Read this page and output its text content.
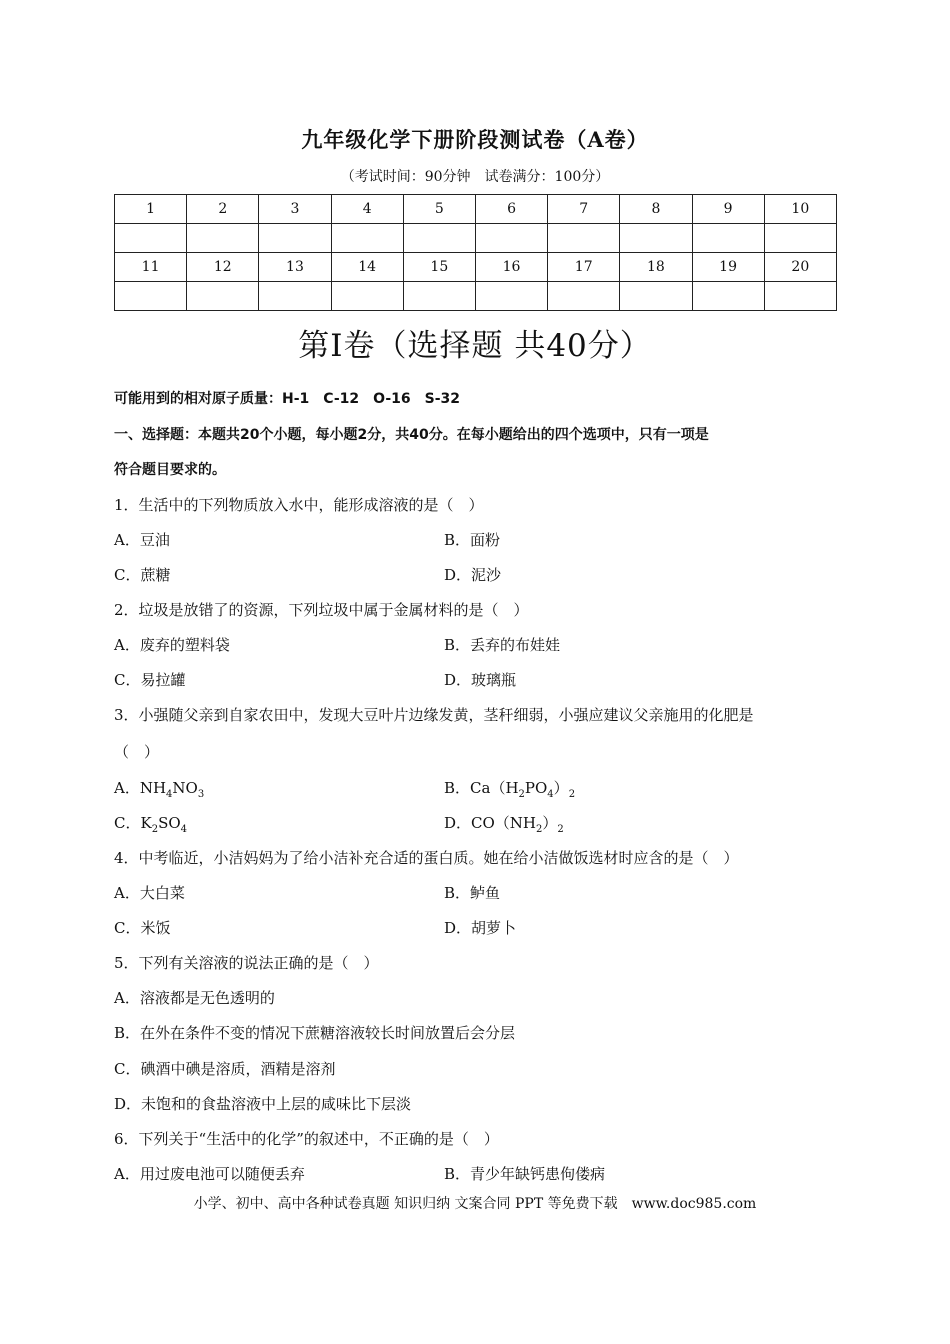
九年级化学下册阶段测试卷（A卷）
（考试时间：90分钟　试卷满分：100分）
1	2	3	4	5	6	7	8	9	10

11	12	13	14	15	16	17	18	19	20

第Ⅰ卷（选择题 共40分）
可能用到的相对原子质量：H-1　C-12　O-16　S-32
一、选择题：本题共20个小题，每小题2分，共40分。在每小题给出的四个选项中，只有一项是
符合题目要求的。
1．生活中的下列物质放入水中，能形成溶液的是（　）
A．豆油	B．面粉
C．蔗糖	D．泥沙
2．垃圾是放错了的资源，下列垃圾中属于金属材料的是（　）
A．废弃的塑料袋	B．丢弃的布娃娃
C．易拉罐	D．玻璃瓶
3．小强随父亲到自家农田中，发现大豆叶片边缘发黄，茎秆细弱，小强应建议父亲施用的化肥是
（　）
A．$NH_4NO_3$	B．$Ca(H_2PO_4)_2$
C．$K_2SO_4$	D．$CO(NH_2)_2$
4．中考临近，小洁妈妈为了给小洁补充合适的蛋白质。她在给小洁做饭选材时应含的是（　）
A．大白菜	B．鲈鱼
C．米饭	D．胡萝卜
5．下列有关溶液的说法正确的是（　）
A．溶液都是无色透明的
B．在外在条件不变的情况下蔗糖溶液较长时间放置后会分层
C．碘酒中碘是溶质，酒精是溶剂
D．未饱和的食盐溶液中上层的咸味比下层淡
6．下列关于“生活中的化学”的叙述中，不正确的是（　）
A．用过废电池可以随便丢弃	B．青少年缺钙患佝偻病
小学、初中、高中各种试卷真题 知识归纳 文案合同 PPT 等免费下载　www.doc985.com
